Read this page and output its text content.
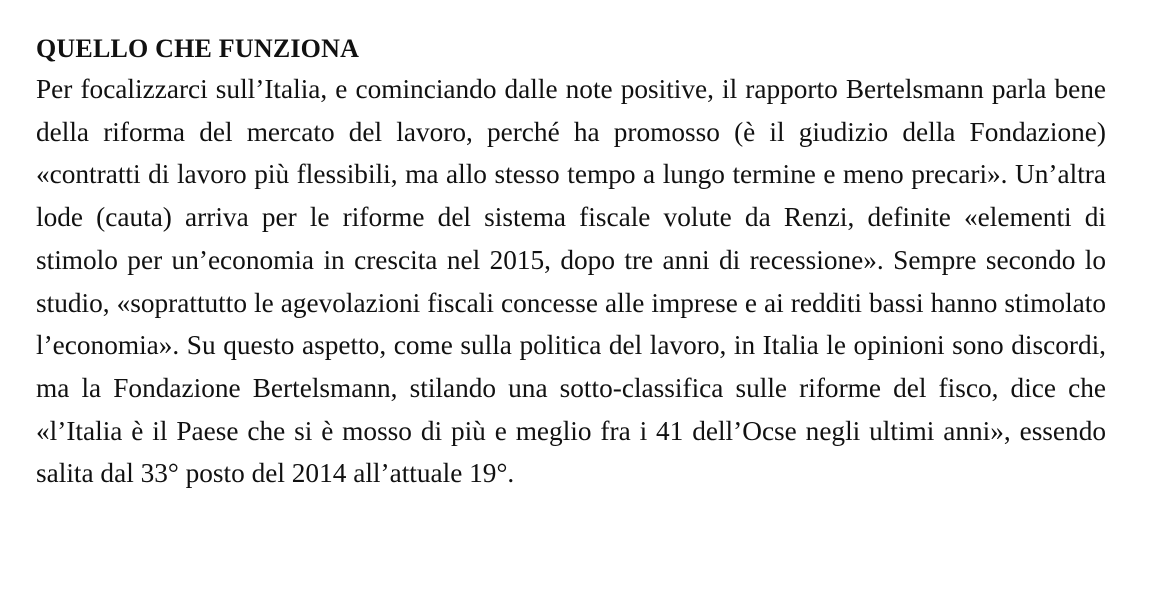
QUELLO CHE FUNZIONA

Per focalizzarci sull’Italia, e cominciando dalle note positive, il rapporto Bertelsmann parla bene della riforma del mercato del lavoro, perché ha promosso (è il giudizio della Fondazione) «contratti di lavoro più flessibili, ma allo stesso tempo a lungo termine e meno precari». Un’altra lode (cauta) arriva per le riforme del sistema fiscale volute da Renzi, definite «elementi di stimolo per un’economia in crescita nel 2015, dopo tre anni di recessione». Sempre secondo lo studio, «soprattutto le agevolazioni fiscali concesse alle imprese e ai redditi bassi hanno stimolato l’economia». Su questo aspetto, come sulla politica del lavoro, in Italia le opinioni sono discordi, ma la Fondazione Bertelsmann, stilando una sotto-classifica sulle riforme del fisco, dice che «l’Italia è il Paese che si è mosso di più e meglio fra i 41 dell’Ocse negli ultimi anni», essendo salita dal 33° posto del 2014 all’attuale 19°.
